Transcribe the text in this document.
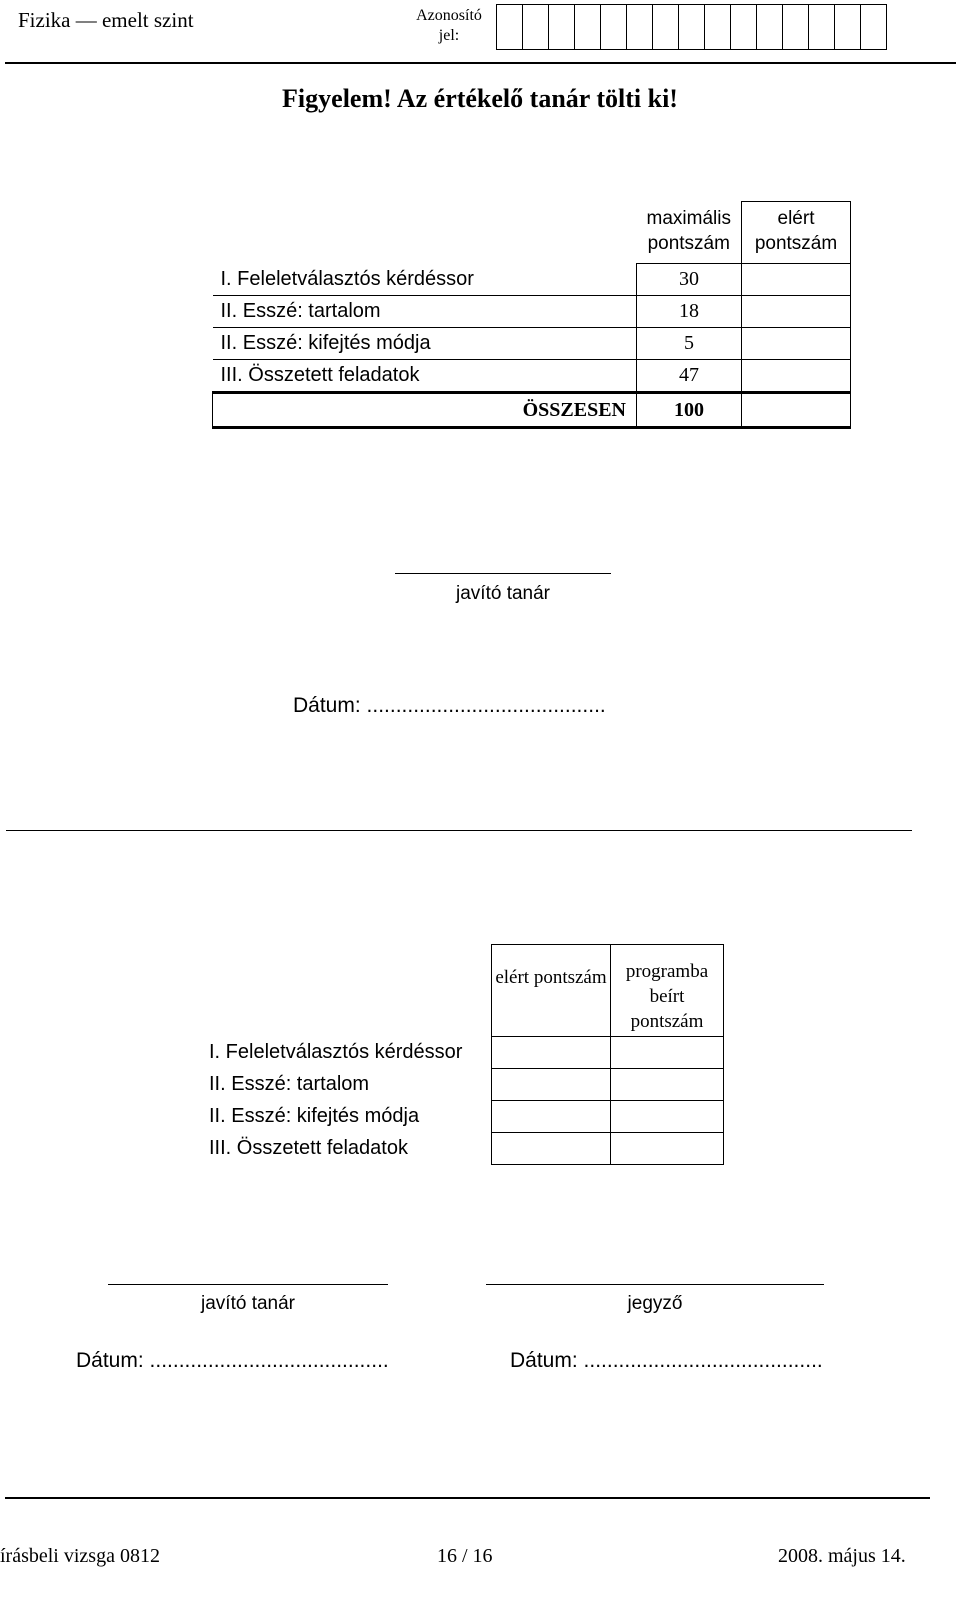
Fizika — emelt szint	Azonosító jel:
Figyelem! Az értékelő tanár tölti ki!
	maximális pontszám	elért pontszám
I. Feleletválasztós kérdéssor	30	
II. Esszé: tartalom	18	
II. Esszé: kifejtés módja	5	
III. Összetett feladatok	47	
ÖSSZESEN	100	
javító tanár
Dátum: .........................................
	elért pontszám	programba beírt pontszám
I. Feleletválasztós kérdéssor		
II. Esszé: tartalom		
II. Esszé: kifejtés módja		
III. Összetett feladatok		
javító tanár	jegyző
Dátum: .........................................	Dátum: .........................................
írásbeli vizsga 0812	16 / 16	2008. május 14.
